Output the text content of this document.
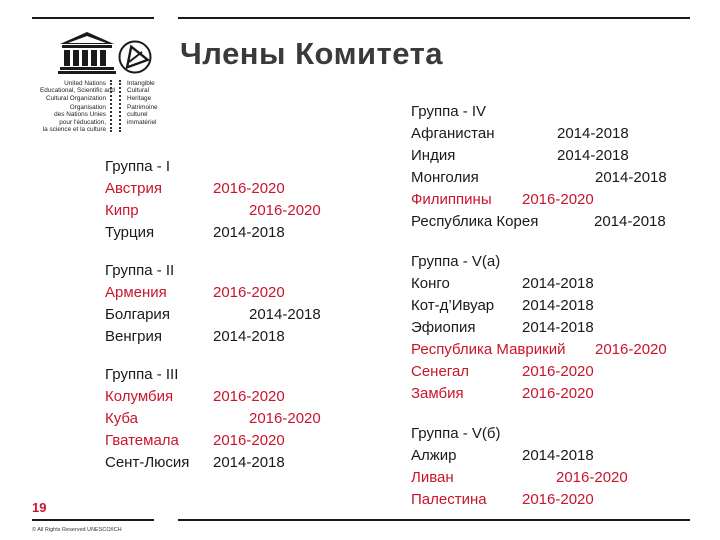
United Nations
Educational, Scientific and
Cultural Organization
Organisation
des Nations Unies
pour l'éducation,
la science et la culture
Intangible
Cultural
Heritage
Patrimoine
culturel
immatériel
Члены Комитета
Группа - I
Австрия	2016-2020
Кипр	2016-2020
Турция	2014-2018
Группа - II
Армения	2016-2020
Болгария	2014-2018
Венгрия	2014-2018
Группа - III
Колумбия	2016-2020
Куба	2016-2020
Гватемала 2016-2020
Сент-Люсия 2014-2018
Группа - IV
Афганистан	2014-2018
Индия	2014-2018
Монголия	2014-2018
Филиппины 2016-2020
Республика Корея	2014-2018
Группа - V(a)
Конго	2014-2018
Кот-д’Ивуар 2014-2018
Эфиопия	2014-2018
Республика Маврикий 2016-2020
Сенегал	2016-2020
Замбия	2016-2020
Группа - V(б)
Алжир	2014-2018
Ливан	2016-2020
Палестина 2016-2020
19
© All Rights Reserved UNESCO/ICH
